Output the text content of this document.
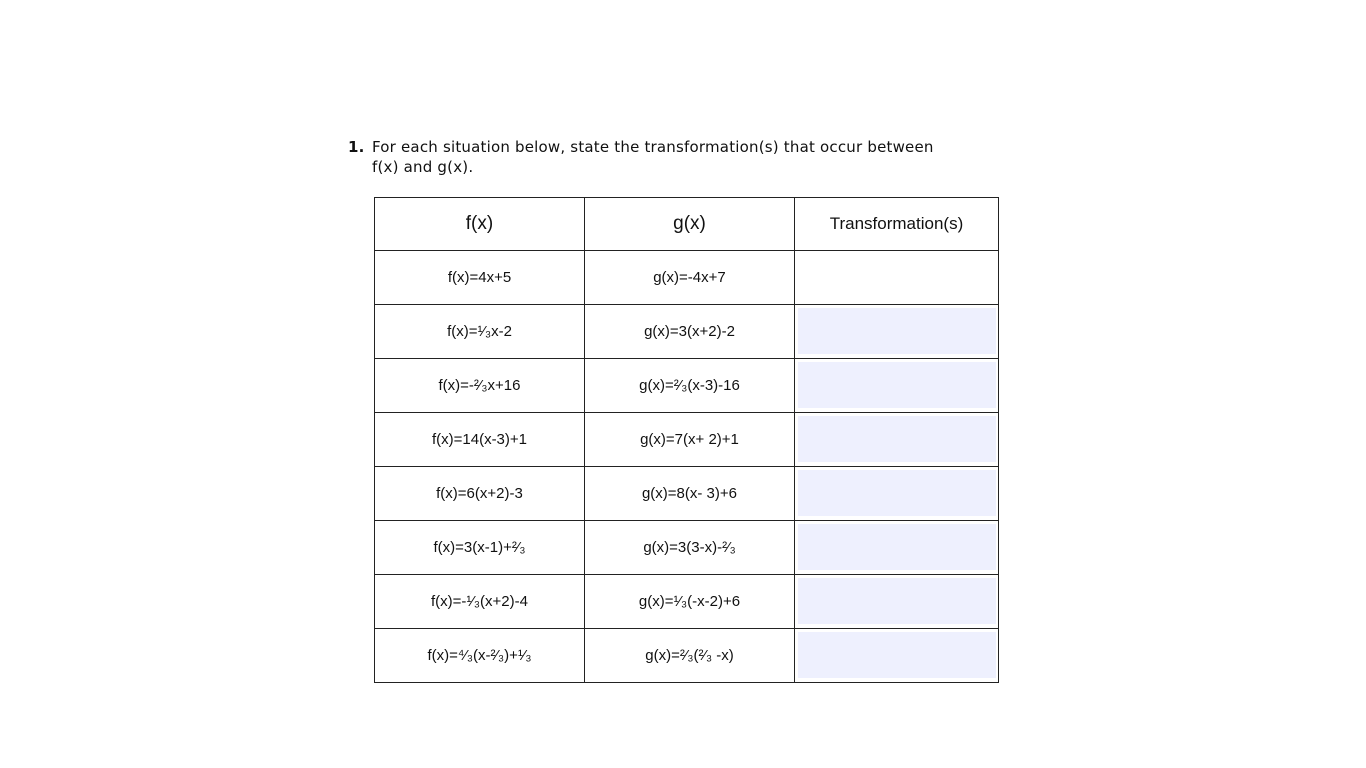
1. For each situation below, state the transformation(s) that occur between
f(x) and g(x).
f(x)	g(x)	Transformation(s)
f(x)=4x+5	g(x)=-4x+7	

f(x)=¹⁄₃x-2	g(x)=3(x+2)-2	

f(x)=-²⁄₃x+16	g(x)=²⁄₃(x-3)-16	

f(x)=14(x-3)+1	g(x)=7(x+ 2)+1	

f(x)=6(x+2)-3	g(x)=8(x- 3)+6	

f(x)=3(x-1)+²⁄₃	g(x)=3(3-x)-²⁄₃	

f(x)=-¹⁄₃(x+2)-4	g(x)=¹⁄₃(-x-2)+6	

f(x)=⁴⁄₃(x-²⁄₃)+¹⁄₃	g(x)=²⁄₃(²⁄₃ -x)	
